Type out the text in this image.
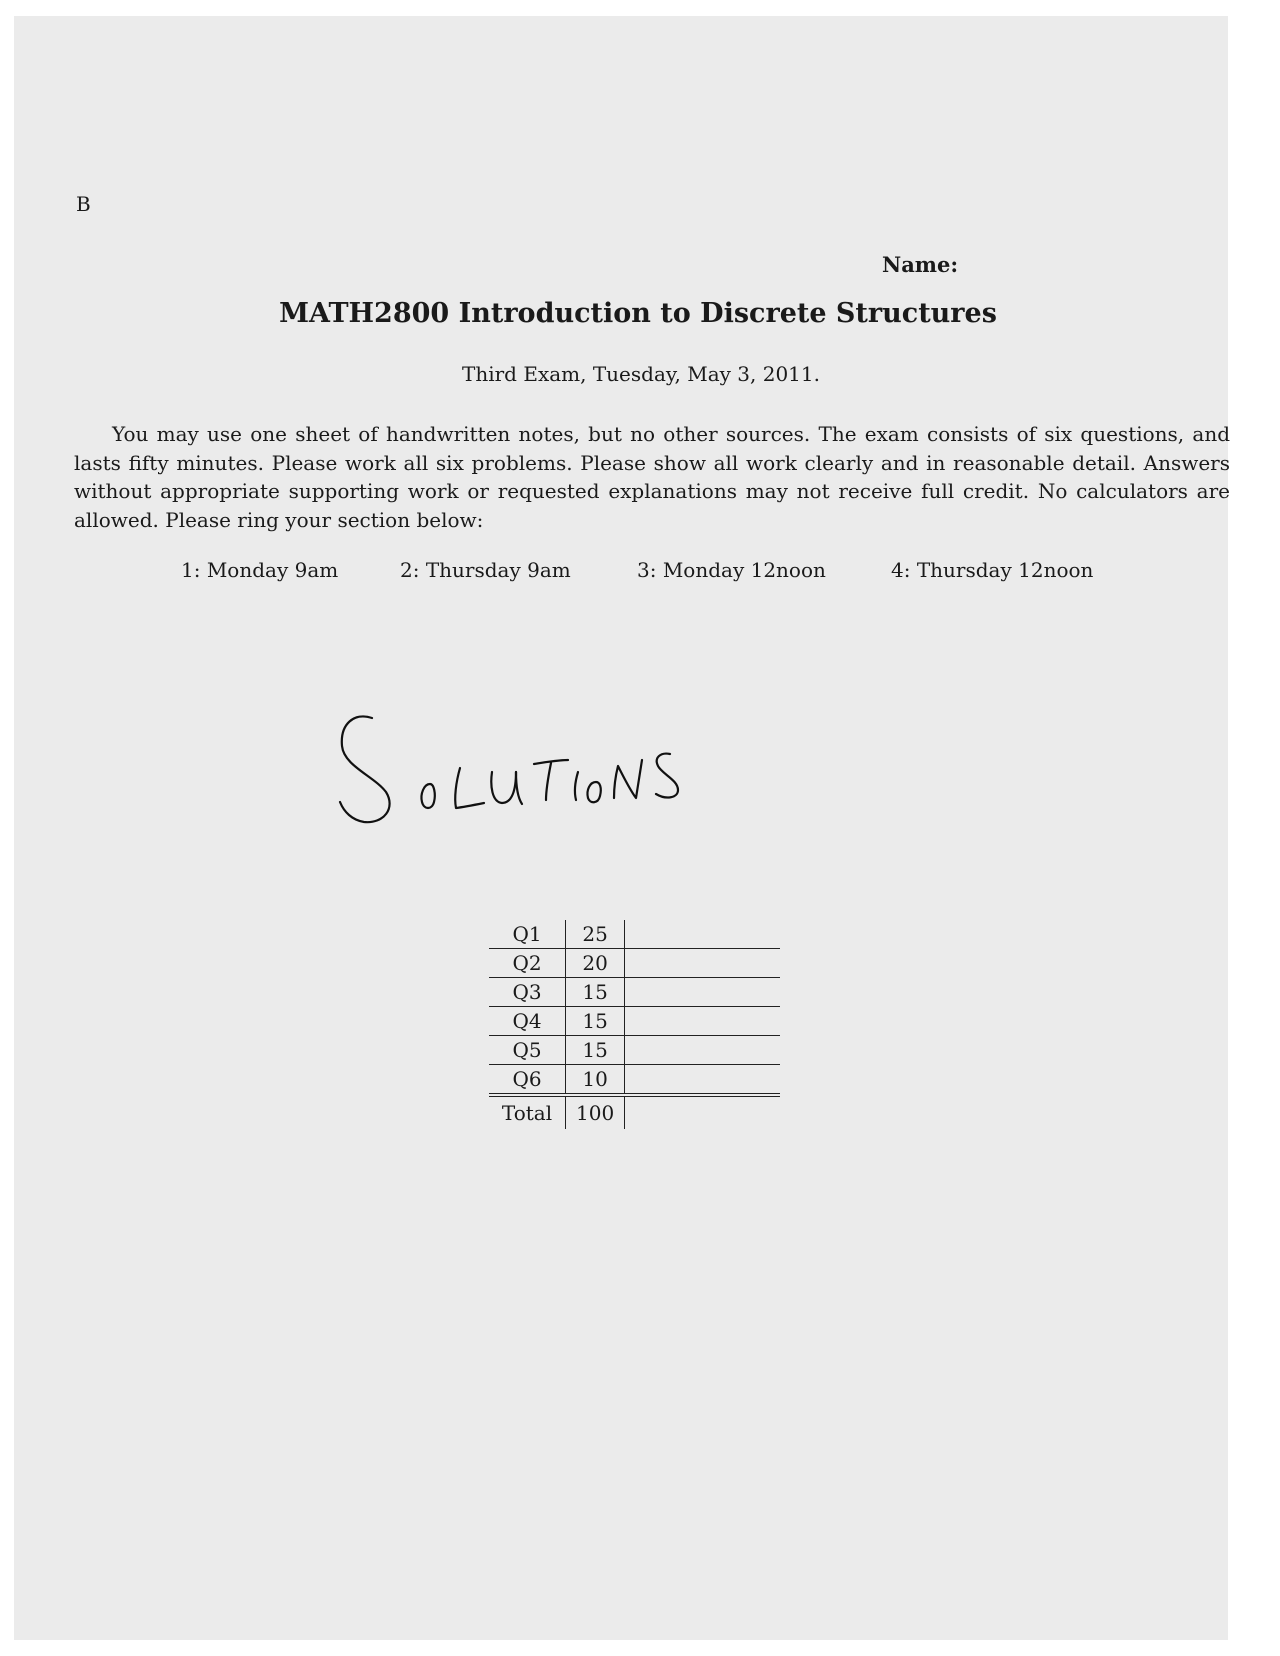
B
Name:
MATH2800 Introduction to Discrete Structures
Third Exam, Tuesday, May 3, 2011.
You may use one sheet of handwritten notes, but no other sources. The exam consists of six questions, and lasts fifty minutes. Please work all six problems. Please show all work clearly and in reasonable detail. Answers without appropriate supporting work or requested explanations may not receive full credit. No calculators are allowed. Please ring your section below:
1: Monday 9am	2: Thursday 9am	3: Monday 12noon	4: Thursday 12noon
Q1	25	
Q2	20	
Q3	15	
Q4	15	
Q5	15	
Q6	10	
Total	100	
